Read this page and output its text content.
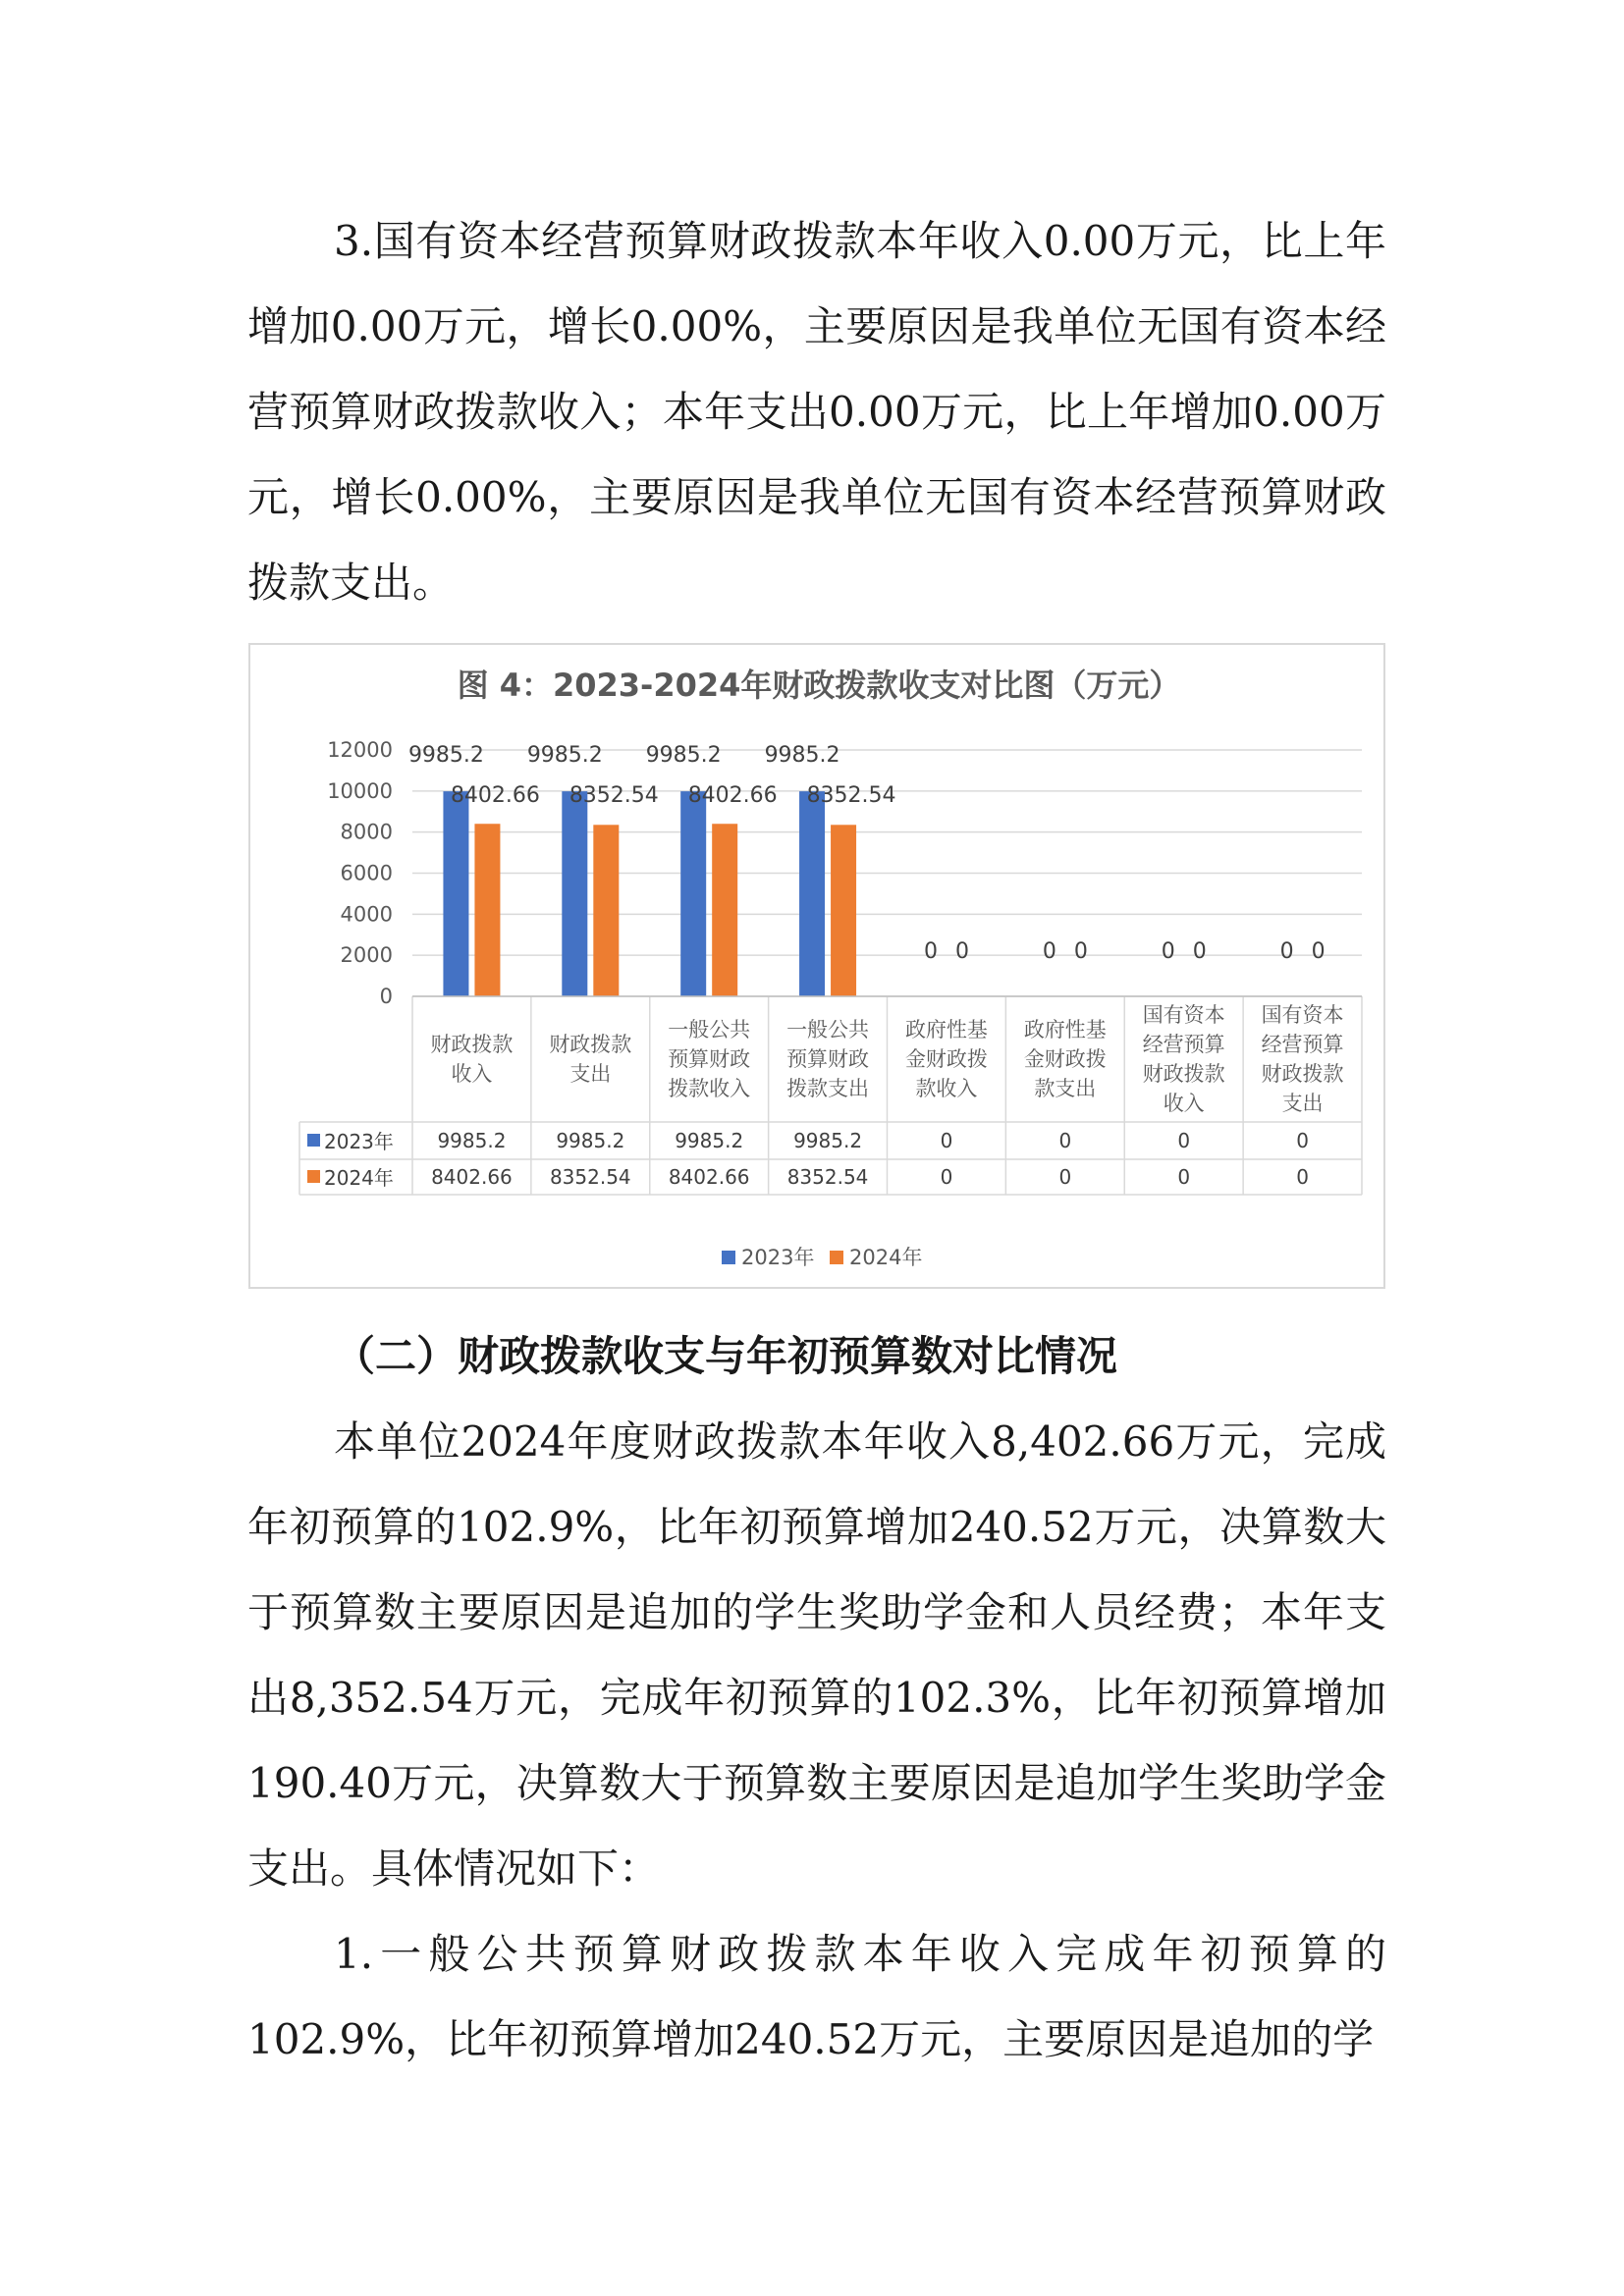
3.国有资本经营预算财政拨款本年收入0.00万元，比上年增加0.00万元，增长0.00%，主要原因是我单位无国有资本经营预算财政拨款收入；本年支出0.00万元，比上年增加0.00万元，增长0.00%，主要原因是我单位无国有资本经营预算财政拨款支出。

图 4：2023-2024年财政拨款收支对比图（万元）
0
2000
4000
6000
8000
10000
12000 9985.2
8402.66
财政拨款
收入
9985.2
8402.66
9985.2
8352.54
财政拨款
支出
9985.2
8352.54
9985.2
8402.66
一般公共
预算财政
拨款收入
9985.2
8402.66
9985.2
8352.54
一般公共
预算财政
拨款支出
9985.2
8352.54
0 0
政府性基
金财政拨
款收入
0
0
0 0
政府性基
金财政拨
款支出
0
0
0 0
国有资本
经营预算
财政拨款
收入
0
0
0 0
国有资本
经营预算
财政拨款
支出
0
0
2023年
2024年
2023年 2024年
（二）财政拨款收支与年初预算数对比情况

本单位2024年度财政拨款本年收入8,402.66万元，完成年初预算的102.9%，比年初预算增加240.52万元，决算数大于预算数主要原因是追加的学生奖助学金和人员经费；本年支出8,352.54万元，完成年初预算的102.3%，比年初预算增加190.40万元，决算数大于预算数主要原因是追加学生奖助学金支出。具体情况如下：

1.一般公共预算财政拨款本年收入完成年初预算的102.9%，比年初预算增加240.52万元，主要原因是追加的学
